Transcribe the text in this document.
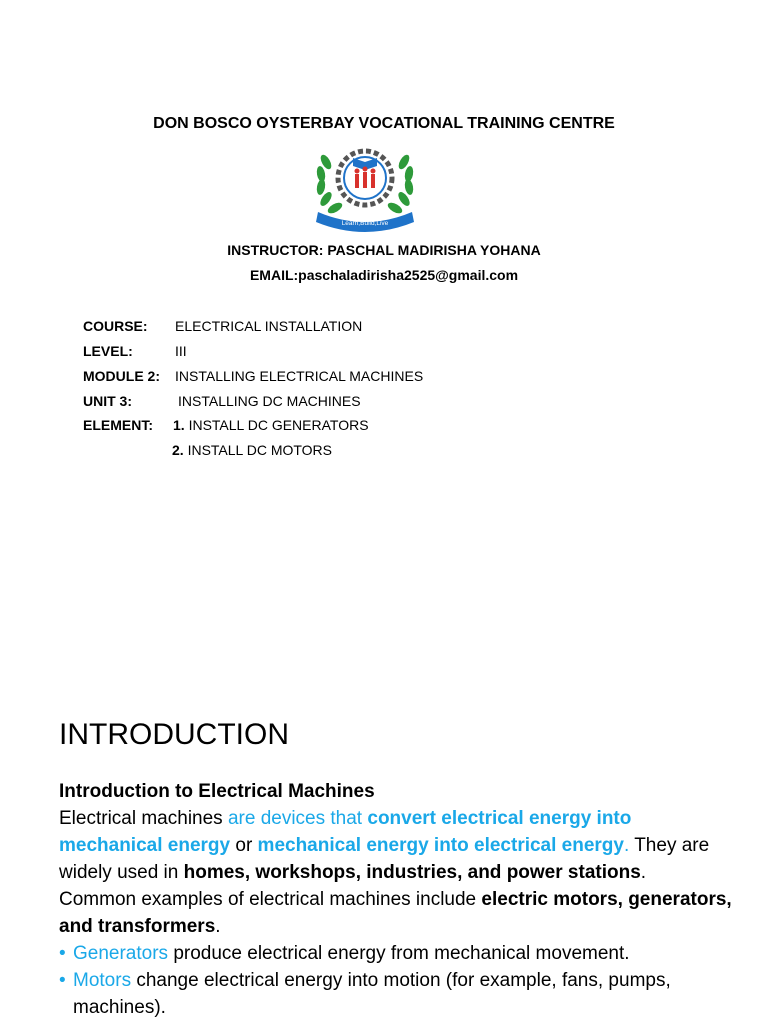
DON BOSCO OYSTERBAY VOCATIONAL TRAINING CENTRE
Learn,Build,Live
INSTRUCTOR: PASCHAL MADIRISHA YOHANA
EMAIL:paschaladirisha2525@gmail.com
COURSE: ELECTRICAL INSTALLATION
LEVEL:	III
MODULE 2: INSTALLING ELECTRICAL MACHINES
UNIT 3:	INSTALLING DC MACHINES
ELEMENT: 1. INSTALL DC GENERATORS
2. INSTALL DC MOTORS
INTRODUCTION

Introduction to Electrical Machines

Electrical machines are devices that convert electrical energy into mechanical energy or mechanical energy into electrical energy. They are widely used in homes, workshops, industries, and power stations.

Common examples of electrical machines include electric motors, generators, and transformers.

• Generators produce electrical energy from mechanical movement.
• Motors change electrical energy into motion (for example, fans, pumps, machines).
